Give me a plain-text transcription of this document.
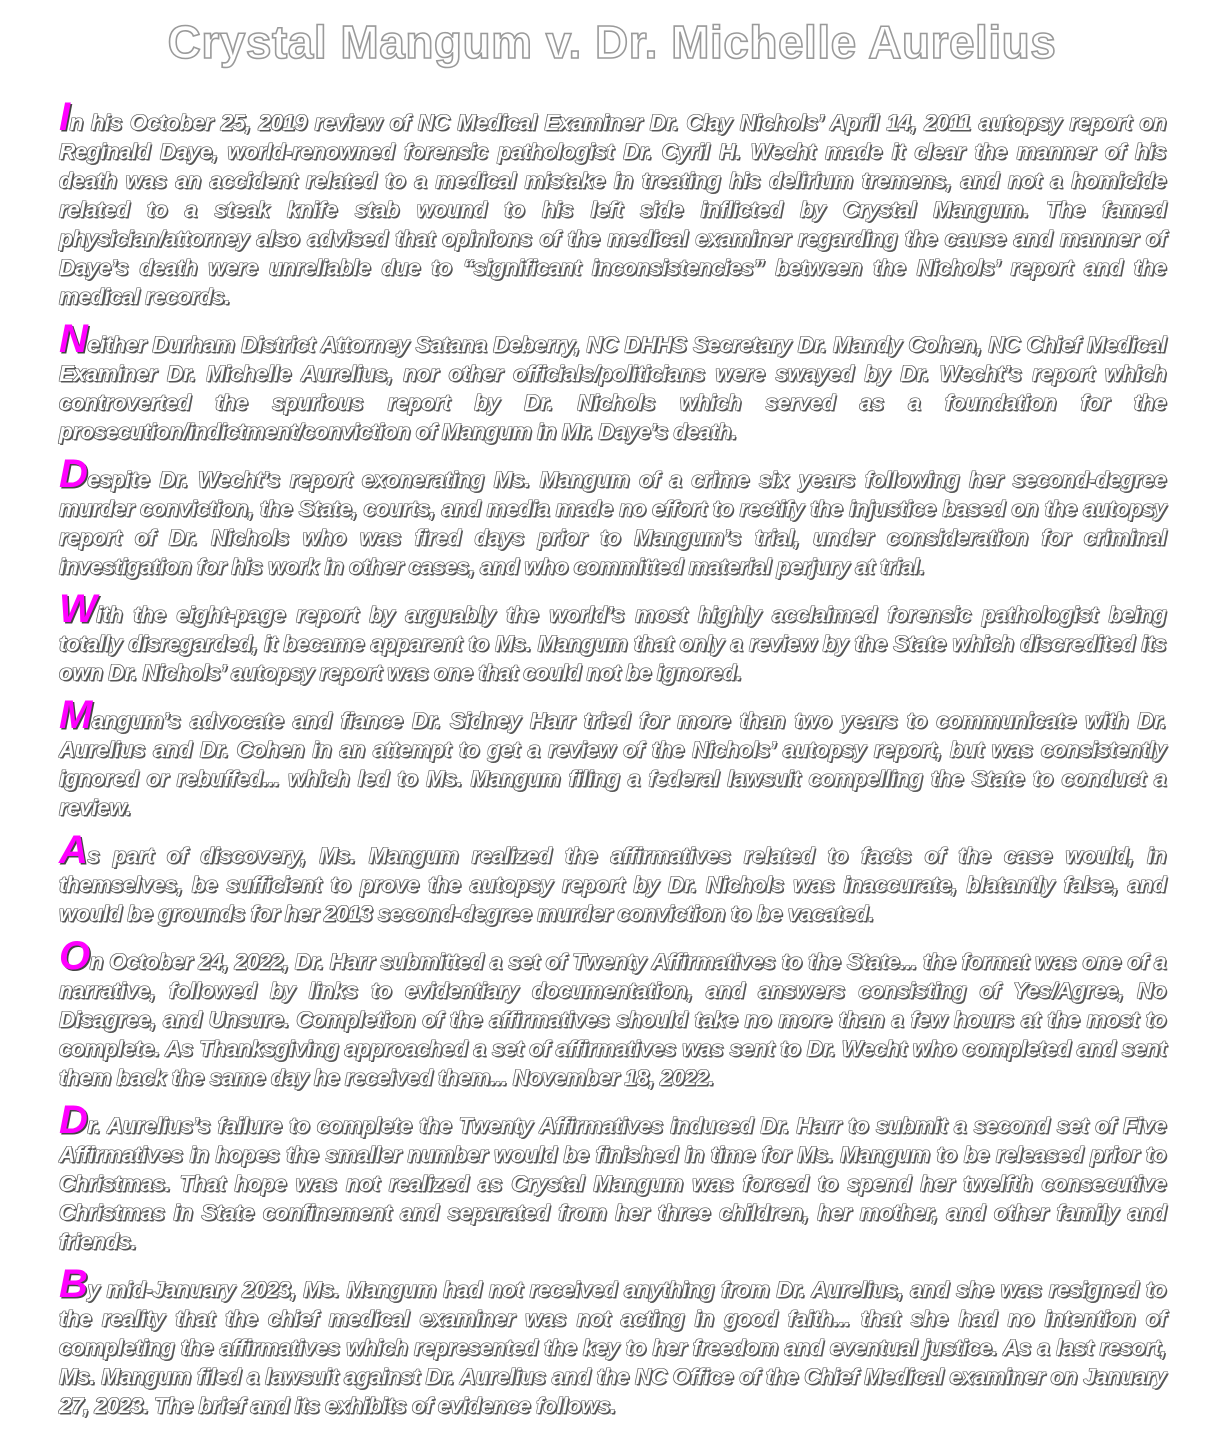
Crystal Mangum v. Dr. Michelle Aurelius

In his October 25, 2019 review of NC Medical Examiner Dr. Clay Nichols’ April 14, 2011 autopsy report on Reginald Daye, world-renowned forensic pathologist Dr. Cyril H. Wecht made it clear the manner of his death was an accident related to a medical mistake in treating his delirium tremens, and not a homicide related to a steak knife stab wound to his left side inflicted by Crystal Mangum. The famed physician/attorney also advised that opinions of the medical examiner regarding the cause and manner of Daye’s death were unreliable due to “significant inconsistencies” between the Nichols’ report and the medical records.

Neither Durham District Attorney Satana Deberry, NC DHHS Secretary Dr. Mandy Cohen, NC Chief Medical Examiner Dr. Michelle Aurelius, nor other officials/politicians were swayed by Dr. Wecht’s report which controverted the spurious report by Dr. Nichols which served as a foundation for the prosecution/indictment/conviction of Mangum in Mr. Daye’s death.

Despite Dr. Wecht’s report exonerating Ms. Mangum of a crime six years following her second-degree murder conviction, the State, courts, and media made no effort to rectify the injustice based on the autopsy report of Dr. Nichols who was fired days prior to Mangum’s trial, under consideration for criminal investigation for his work in other cases, and who committed material perjury at trial.

With the eight-page report by arguably the world’s most highly acclaimed forensic pathologist being totally disregarded, it became apparent to Ms. Mangum that only a review by the State which discredited its own Dr. Nichols’ autopsy report was one that could not be ignored.

Mangum’s advocate and fiance Dr. Sidney Harr tried for more than two years to communicate with Dr. Aurelius and Dr. Cohen in an attempt to get a review of the Nichols’ autopsy report, but was consistently ignored or rebuffed... which led to Ms. Mangum filing a federal lawsuit compelling the State to conduct a review.

As part of discovery, Ms. Mangum realized the affirmatives related to facts of the case would, in themselves, be sufficient to prove the autopsy report by Dr. Nichols was inaccurate, blatantly false, and would be grounds for her 2013 second-degree murder conviction to be vacated.

On October 24, 2022, Dr. Harr submitted a set of Twenty Affirmatives to the State... the format was one of a narrative, followed by links to evidentiary documentation, and answers consisting of Yes/Agree, No Disagree, and Unsure. Completion of the affirmatives should take no more than a few hours at the most to complete. As Thanksgiving approached a set of affirmatives was sent to Dr. Wecht who completed and sent them back the same day he received them... November 18, 2022.

Dr. Aurelius’s failure to complete the Twenty Affirmatives induced Dr. Harr to submit a second set of Five Affirmatives in hopes the smaller number would be finished in time for Ms. Mangum to be released prior to Christmas. That hope was not realized as Crystal Mangum was forced to spend her twelfth consecutive Christmas in State confinement and separated from her three children, her mother, and other family and friends.

By mid-January 2023, Ms. Mangum had not received anything from Dr. Aurelius, and she was resigned to the reality that the chief medical examiner was not acting in good faith... that she had no intention of completing the affirmatives which represented the key to her freedom and eventual justice. As a last resort, Ms. Mangum filed a lawsuit against Dr. Aurelius and the NC Office of the Chief Medical examiner on January 27, 2023. The brief and its exhibits of evidence follows.
